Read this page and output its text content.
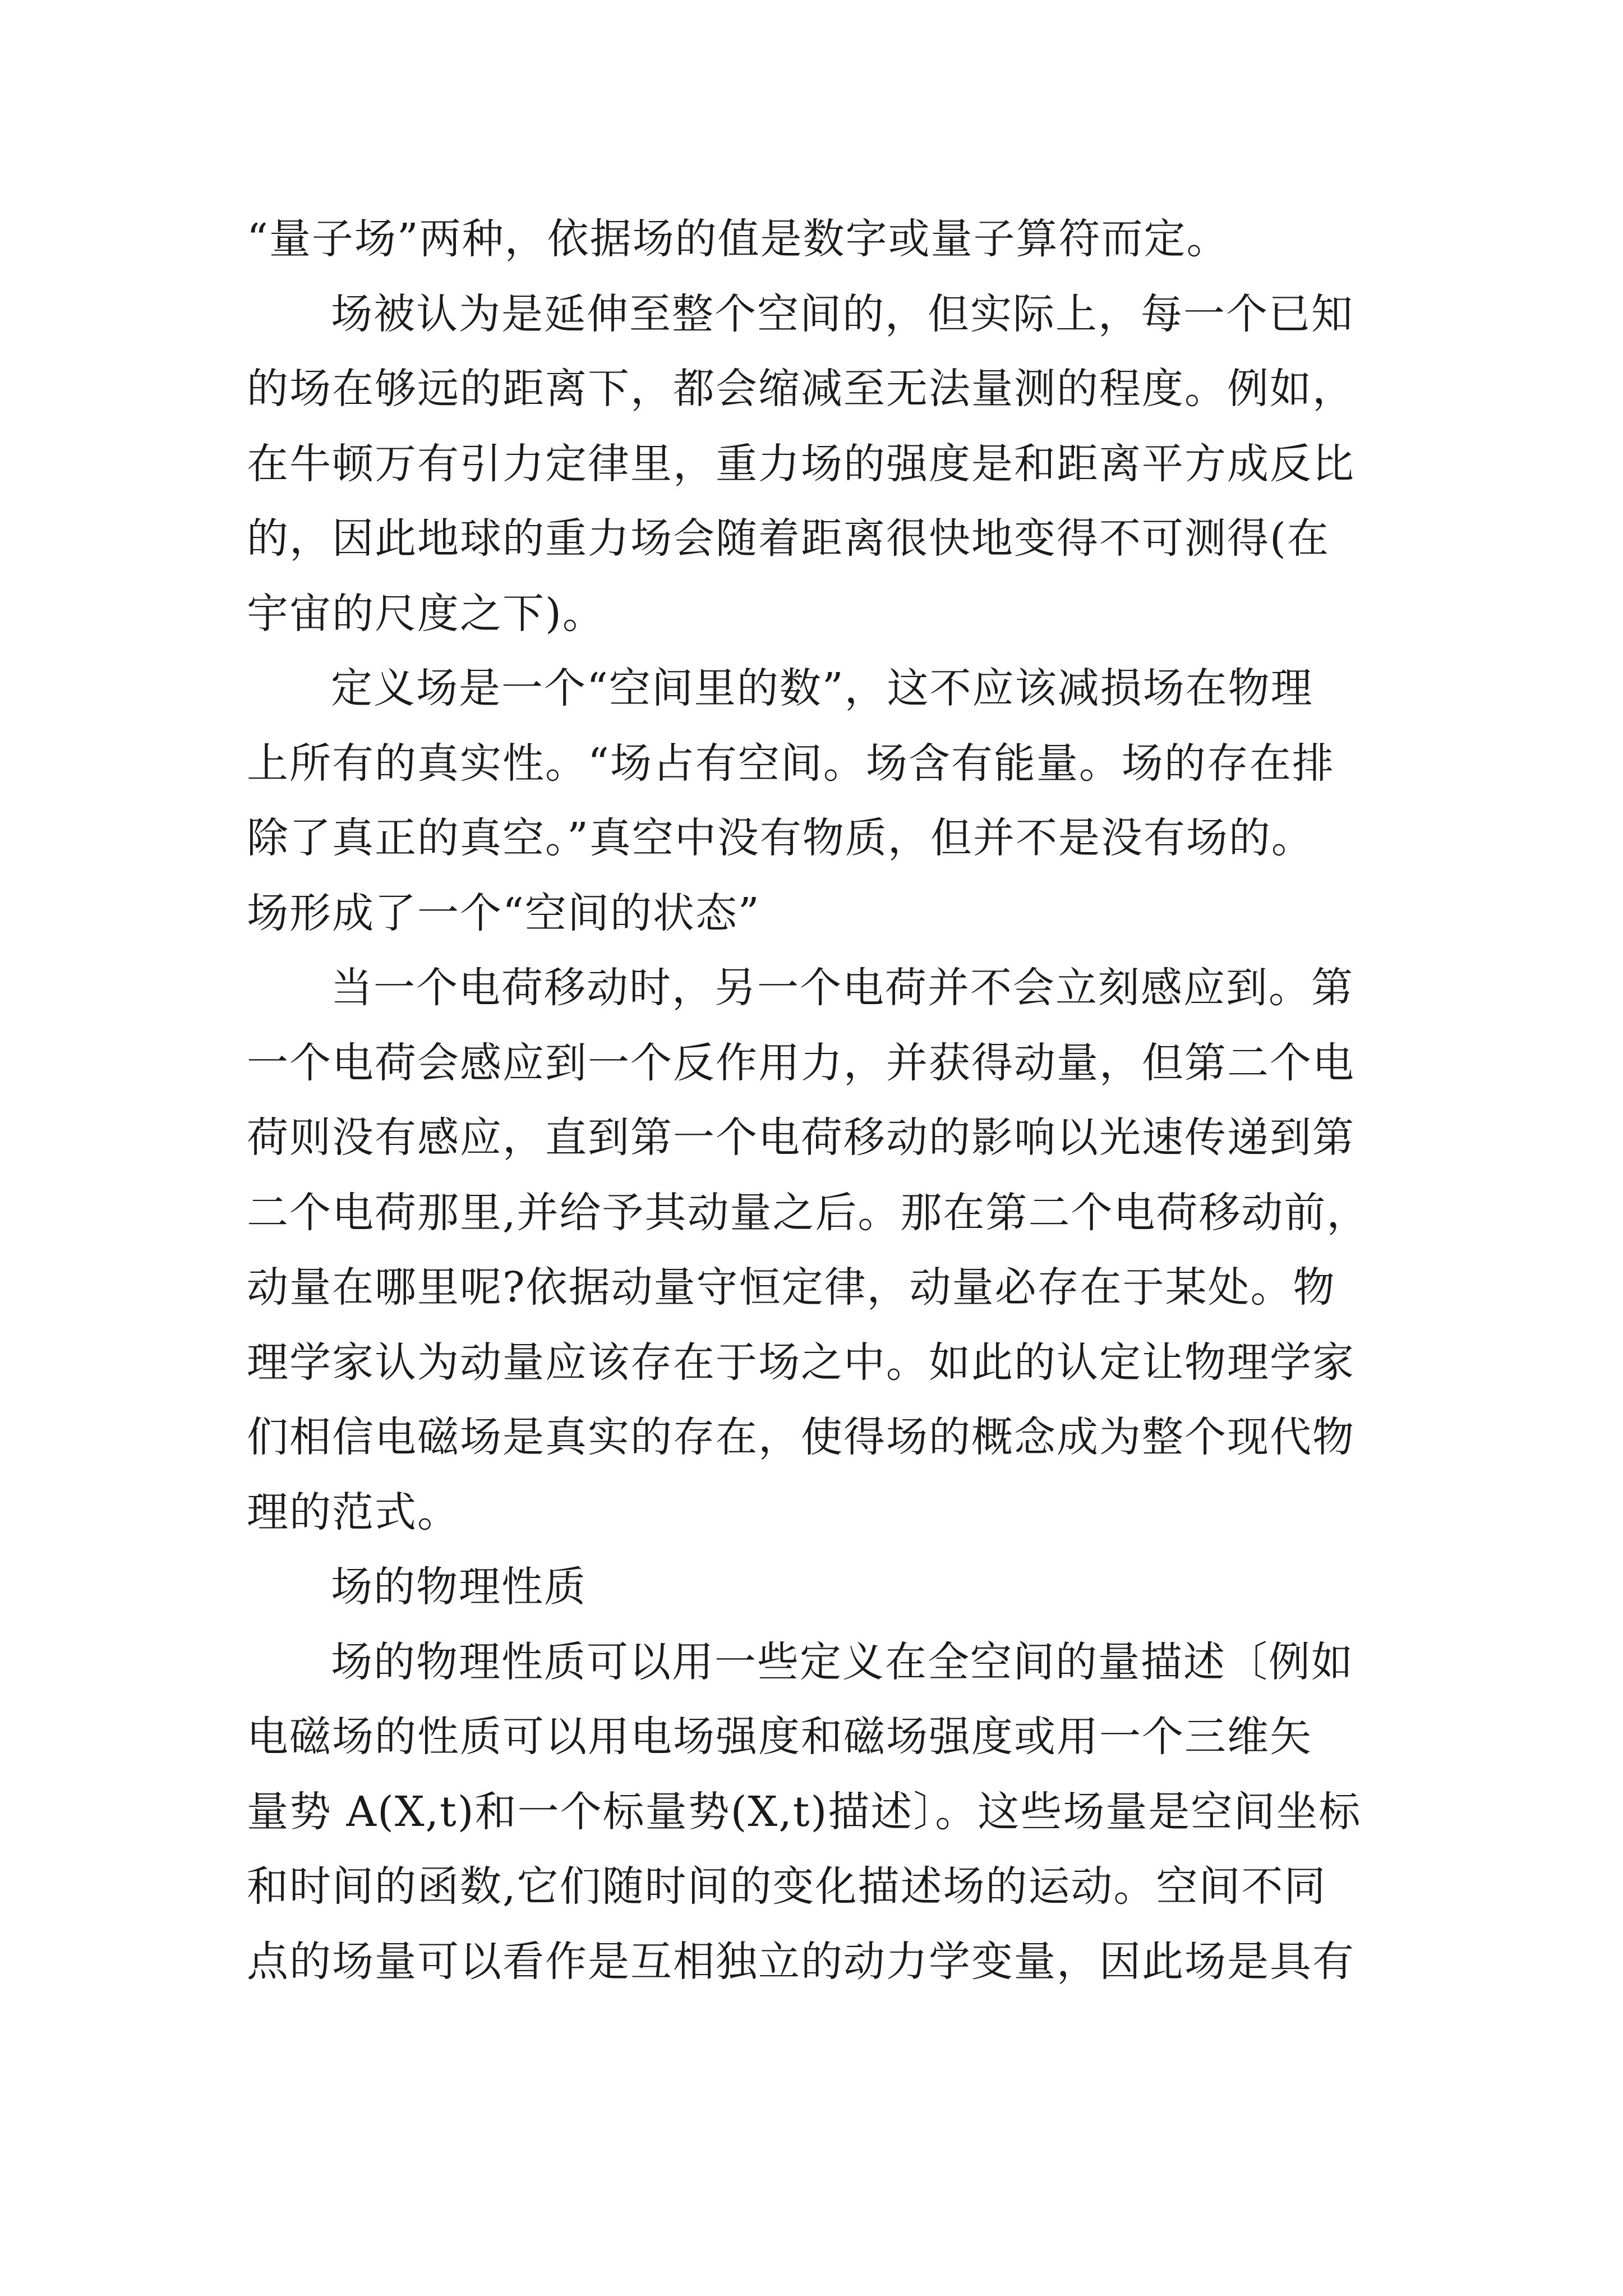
“量子场”两种，依据场的值是数字或量子算符而定。
场被认为是延伸至整个空间的，但实际上，每一个已知
的场在够远的距离下，都会缩减至无法量测的程度。例如，
在牛顿万有引力定律里，重力场的强度是和距离平方成反比
的，因此地球的重力场会随着距离很快地变得不可测得(在
宇宙的尺度之下)。
定义场是一个“空间里的数”，这不应该减损场在物理
上所有的真实性。“场占有空间。场含有能量。场的存在排
除了真正的真空。”真空中没有物质，但并不是没有场的。
场形成了一个“空间的状态”
当一个电荷移动时，另一个电荷并不会立刻感应到。第
一个电荷会感应到一个反作用力，并获得动量，但第二个电
荷则没有感应，直到第一个电荷移动的影响以光速传递到第
二个电荷那里,并给予其动量之后。那在第二个电荷移动前，
动量在哪里呢?依据动量守恒定律，动量必存在于某处。物
理学家认为动量应该存在于场之中。如此的认定让物理学家
们相信电磁场是真实的存在，使得场的概念成为整个现代物
理的范式。
场的物理性质
场的物理性质可以用一些定义在全空间的量描述〔例如
电磁场的性质可以用电场强度和磁场强度或用一个三维矢
量势 A(X,t)和一个标量势(X,t)描述〕。这些场量是空间坐标
和时间的函数,它们随时间的变化描述场的运动。空间不同
点的场量可以看作是互相独立的动力学变量，因此场是具有
